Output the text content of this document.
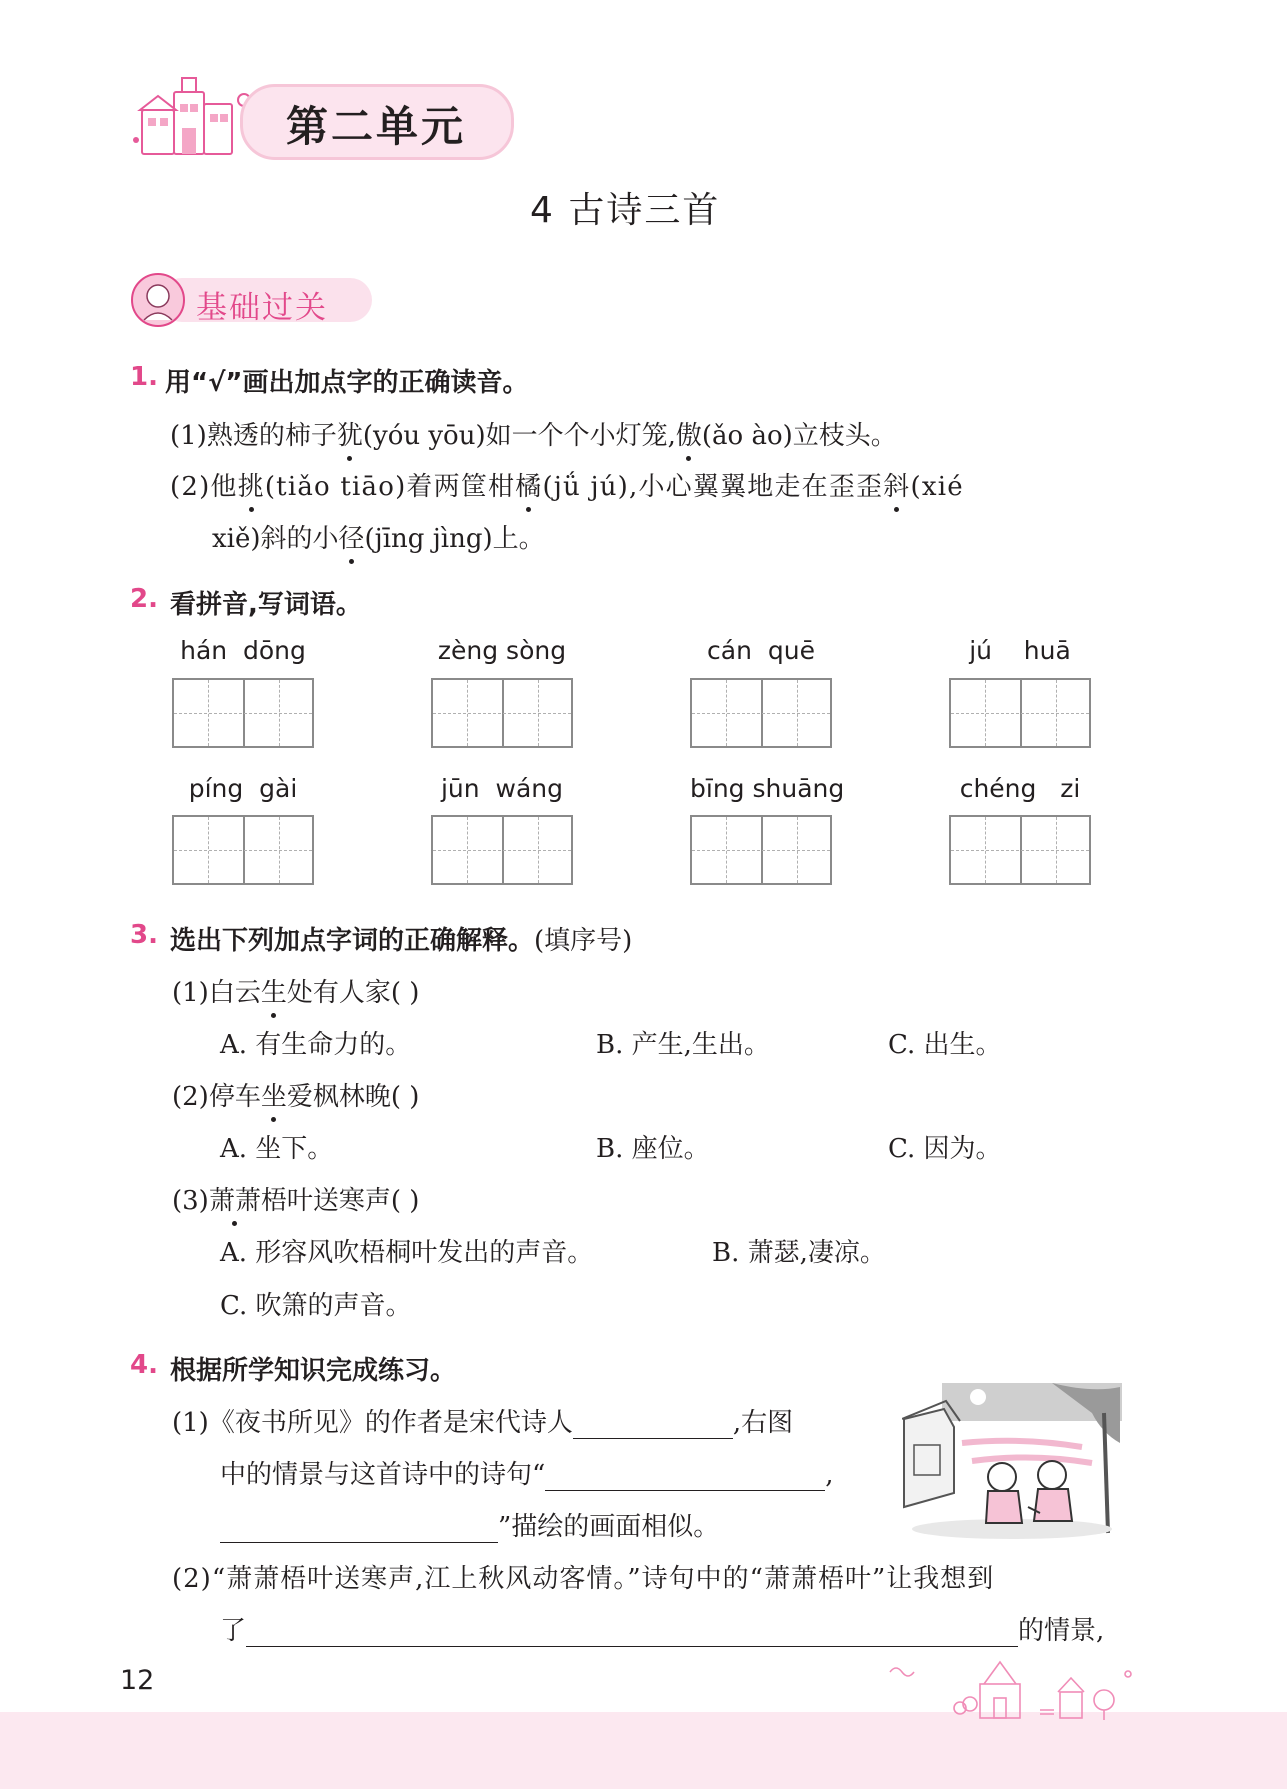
第二单元
4 古诗三首
基础过关
1. 用“√”画出加点字的正确读音。
(1)熟透的柿子犹(yóu yōu)如一个个小灯笼,傲(ǎo ào)立枝头。
(2)他挑(tiǎo tiāo)着两筐柑橘(jǘ jú),小心翼翼地走在歪歪斜(xié
xiě)斜的小径(jīng jìng)上。
2. 看拼音,写词语。
hán  dōng	zèng sòng	cán  quē	jú    huā
píng  gài	jūn  wáng	bīng shuāng	chéng   zi
3. 选出下列加点字词的正确解释。(填序号)
(1)白云生处有人家( )
A. 有生命力的。	B. 产生,生出。	C. 出生。
(2)停车坐爱枫林晚( )
A. 坐下。	B. 座位。	C. 因为。
(3)萧萧梧叶送寒声( )
A. 形容风吹梧桐叶发出的声音。	B. 萧瑟,凄凉。
C. 吹箫的声音。
4. 根据所学知识完成练习。
(1)《夜书所见》的作者是宋代诗人	,右图
中的情景与这首诗中的诗句“	,
”描绘的画面相似。
(2)“萧萧梧叶送寒声,江上秋风动客情。”诗句中的“萧萧梧叶”让我想到
了	的情景,
12
